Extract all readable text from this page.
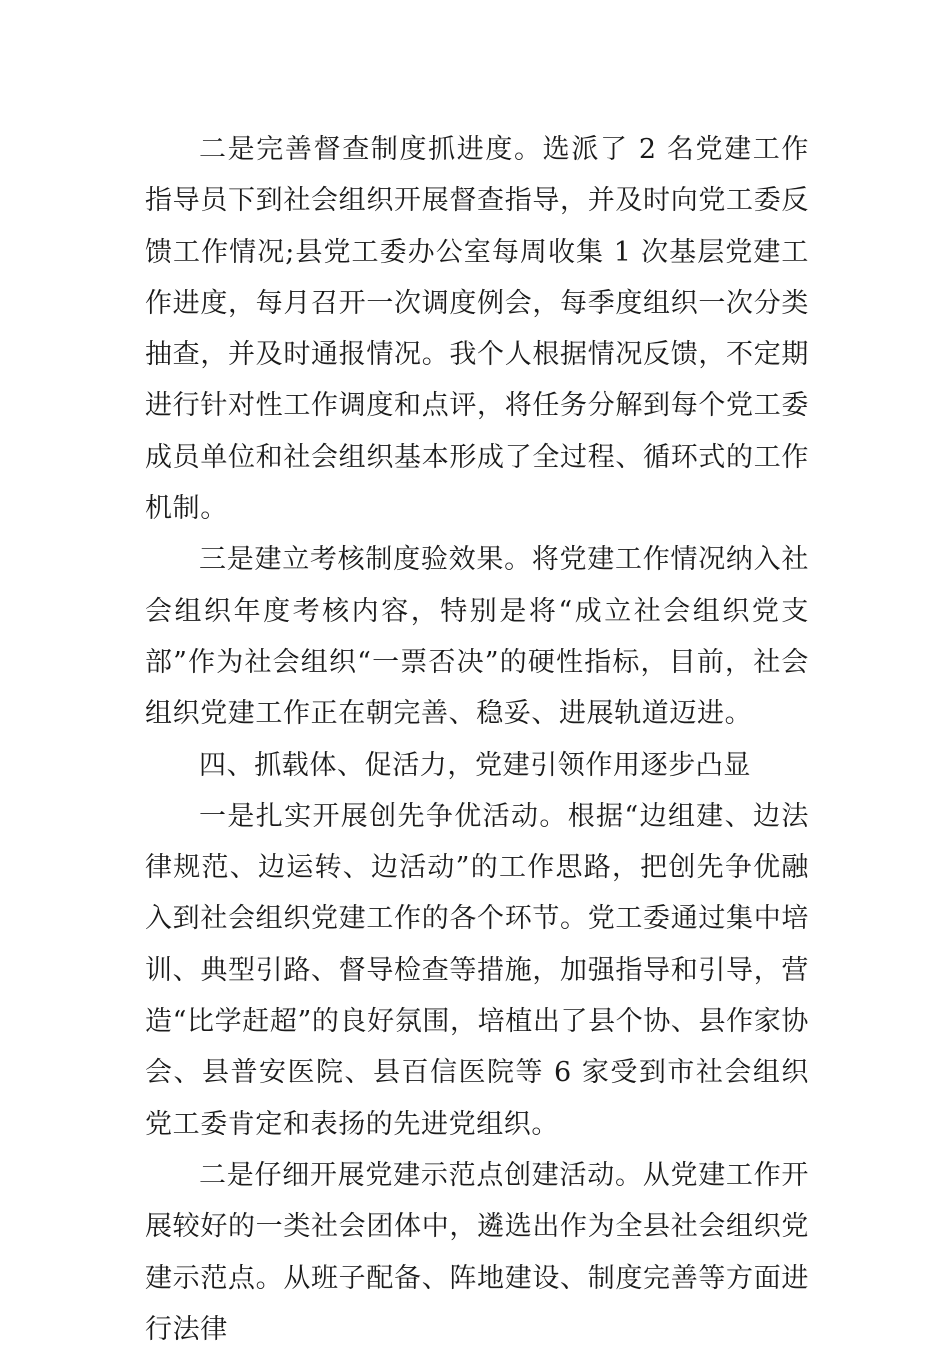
二是完善督查制度抓进度。选派了 2 名党建工作指导员下到社会组织开展督查指导，并及时向党工委反馈工作情况;县党工委办公室每周收集 1 次基层党建工作进度，每月召开一次调度例会，每季度组织一次分类抽查，并及时通报情况。我个人根据情况反馈，不定期进行针对性工作调度和点评，将任务分解到每个党工委成员单位和社会组织基本形成了全过程、循环式的工作机制。

三是建立考核制度验效果。将党建工作情况纳入社会组织年度考核内容，特别是将“成立社会组织党支部”作为社会组织“一票否决”的硬性指标，目前，社会组织党建工作正在朝完善、稳妥、进展轨道迈进。

四、抓载体、促活力，党建引领作用逐步凸显

一是扎实开展创先争优活动。根据“边组建、边法律规范、边运转、边活动”的工作思路，把创先争优融入到社会组织党建工作的各个环节。党工委通过集中培训、典型引路、督导检查等措施，加强指导和引导，营造“比学赶超”的良好氛围，培植出了县个协、县作家协会、县普安医院、县百信医院等 6 家受到市社会组织党工委肯定和表扬的先进党组织。

二是仔细开展党建示范点创建活动。从党建工作开展较好的一类社会团体中，遴选出作为全县社会组织党建示范点。从班子配备、阵地建设、制度完善等方面进行法律
